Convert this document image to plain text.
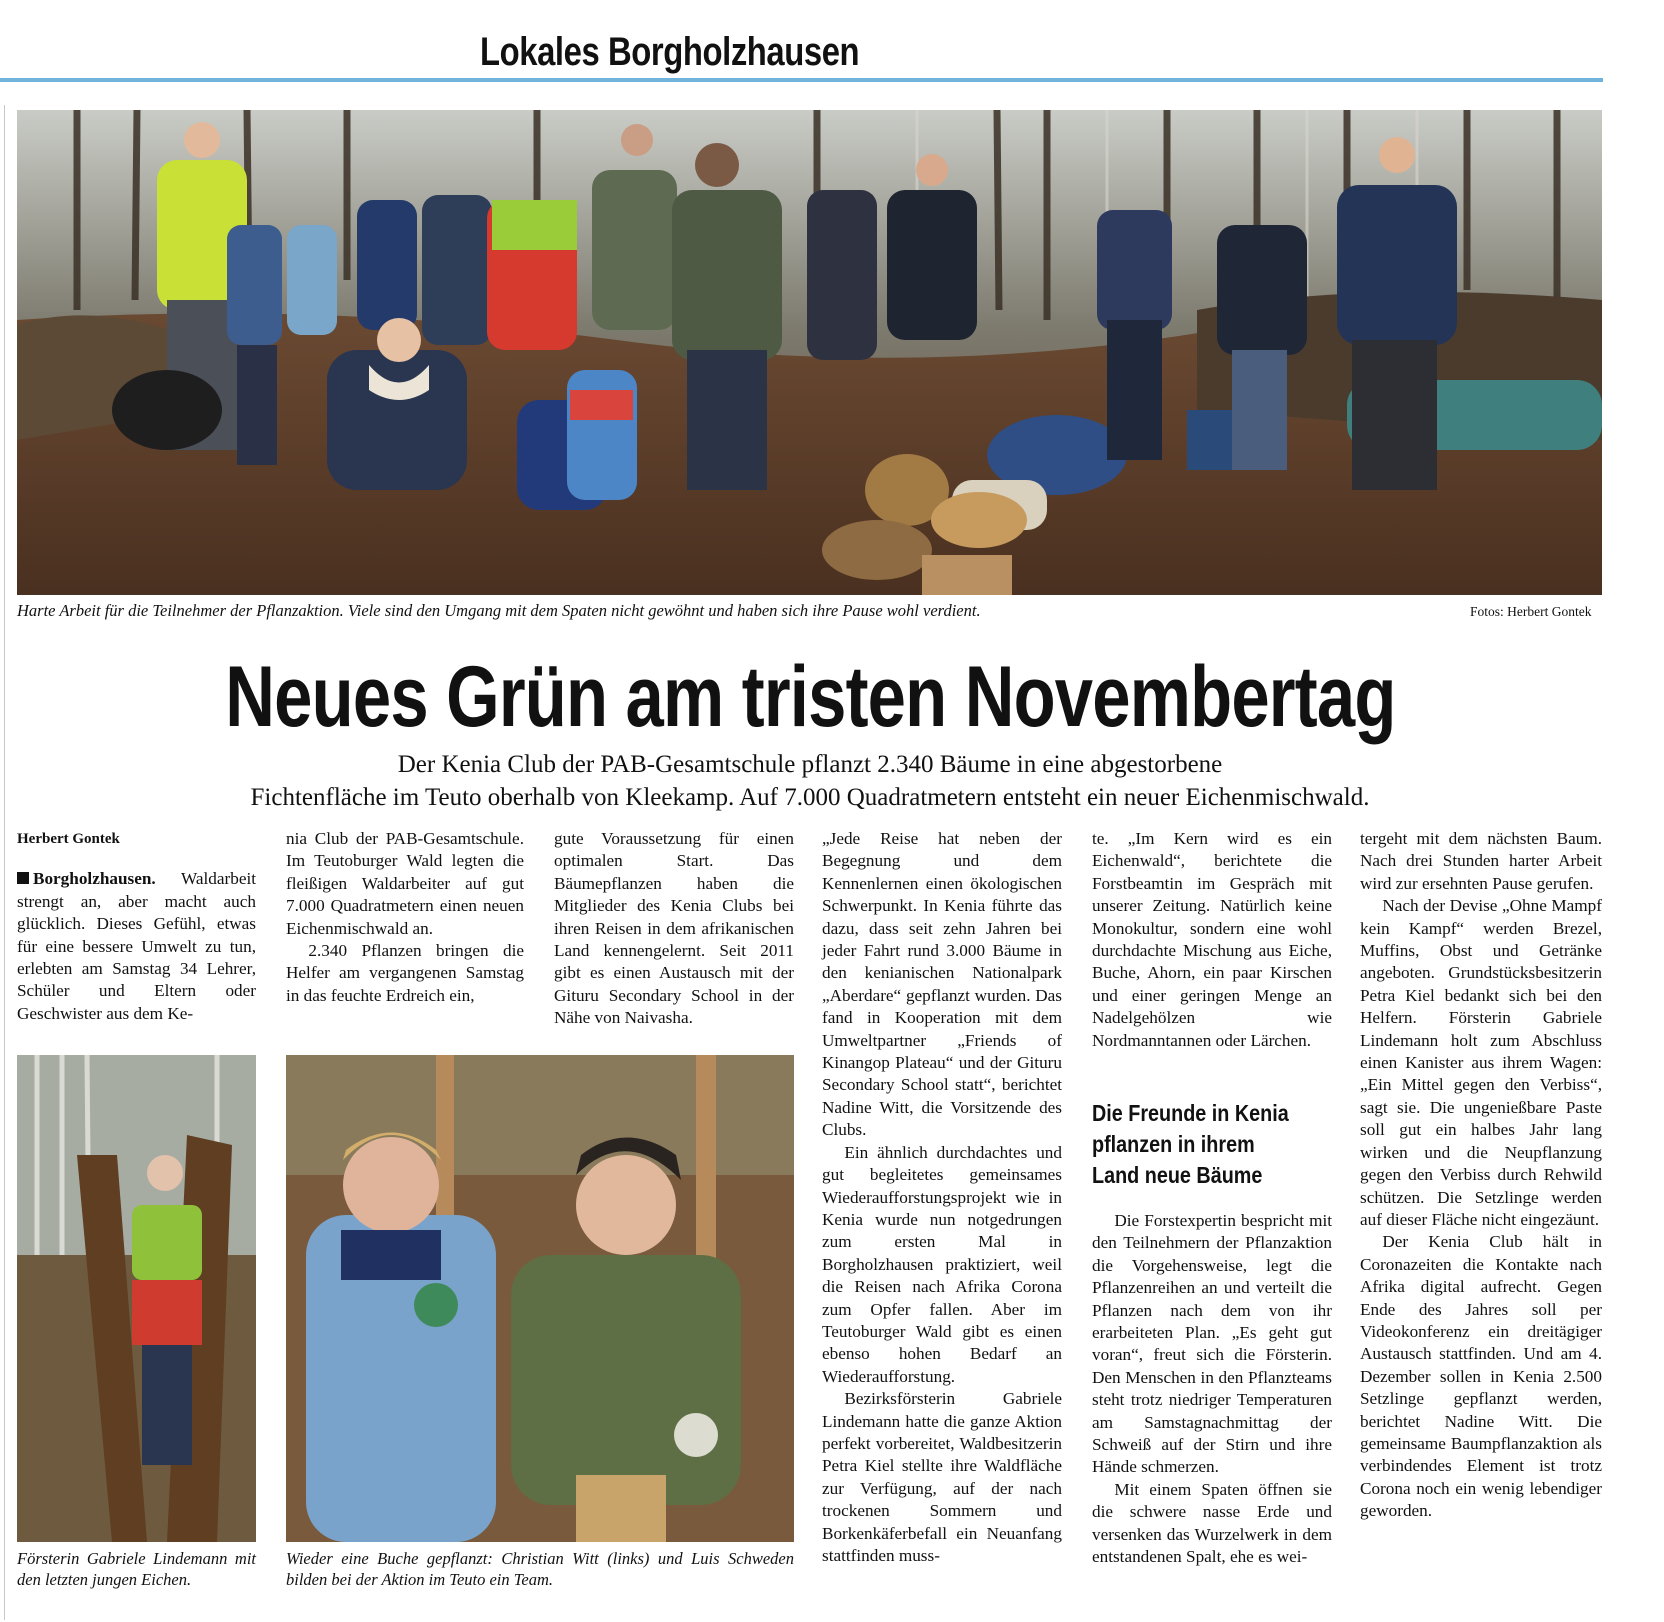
Lokales Borgholzhausen
Harte Arbeit für die Teilnehmer der Pflanzaktion. Viele sind den Umgang mit dem Spaten nicht gewöhnt und haben sich ihre Pause wohl verdient.	Fotos: Herbert Gontek
Neues Grün am tristen Novembertag
Der Kenia Club der PAB-Gesamtschule pflanzt 2.340 Bäume in eine abgestorbene
Fichtenfläche im Teuto oberhalb von Kleekamp. Auf 7.000 Quadratmetern entsteht ein neuer Eichenmischwald.
Herbert Gontek

Borgholzhausen. Waldarbeit strengt an, aber macht auch glücklich. Dieses Gefühl, etwas für eine bessere Umwelt zu tun, erlebten am Samstag 34 Lehrer, Schüler und Eltern oder Geschwister aus dem Ke-

nia Club der PAB-Gesamtschule. Im Teutoburger Wald legten die fleißigen Waldarbeiter auf gut 7.000 Quadratmetern einen neuen Eichenmischwald an.

2.340 Pflanzen bringen die Helfer am vergangenen Samstag in das feuchte Erdreich ein,

gute Voraussetzung für einen optimalen Start. Das Bäumepflanzen haben die Mitglieder des Kenia Clubs bei ihren Reisen in dem afrikanischen Land kennengelernt. Seit 2011 gibt es einen Austausch mit der Gituru Secondary School in der Nähe von Naivasha.

Försterin Gabriele Lindemann mit den letzten jungen Eichen.
Wieder eine Buche gepflanzt: Christian Witt (links) und Luis Schweden bilden bei der Aktion im Teuto ein Team.

„Jede Reise hat neben der Begegnung und dem Kennenlernen einen ökologischen Schwerpunkt. In Kenia führte das dazu, dass seit zehn Jahren bei jeder Fahrt rund 3.000 Bäume in den kenianischen Nationalpark „Aberdare“ gepflanzt wurden. Das fand in Kooperation mit dem Umweltpartner „Friends of Kinangop Plateau“ und der Gituru Secondary School statt“, berichtet Nadine Witt, die Vorsitzende des Clubs.

Ein ähnlich durchdachtes und gut begleitetes gemeinsames Wiederaufforstungsprojekt wie in Kenia wurde nun notgedrungen zum ersten Mal in Borgholzhausen praktiziert, weil die Reisen nach Afrika Corona zum Opfer fallen. Aber im Teutoburger Wald gibt es einen ebenso hohen Bedarf an Wiederaufforstung.

Bezirksförsterin Gabriele Lindemann hatte die ganze Aktion perfekt vorbereitet, Waldbesitzerin Petra Kiel stellte ihre Waldfläche zur Verfügung, auf der nach trockenen Sommern und Borkenkäferbefall ein Neuanfang stattfinden muss-

te. „Im Kern wird es ein Eichenwald“, berichtete die Forstbeamtin im Gespräch mit unserer Zeitung. Natürlich keine Monokultur, sondern eine wohl durchdachte Mischung aus Eiche, Buche, Ahorn, ein paar Kirschen und einer geringen Menge an Nadelgehölzen wie Nordmanntannen oder Lärchen.

Die Freunde in Kenia pflanzen in ihrem Land neue Bäume

Die Forstexpertin bespricht mit den Teilnehmern der Pflanzaktion die Vorgehensweise, legt die Pflanzenreihen an und verteilt die Pflanzen nach dem von ihr erarbeiteten Plan. „Es geht gut voran“, freut sich die Försterin. Den Menschen in den Pflanzteams steht trotz niedriger Temperaturen am Samstagnachmittag der Schweiß auf der Stirn und ihre Hände schmerzen.

Mit einem Spaten öffnen sie die schwere nasse Erde und versenken das Wurzelwerk in dem entstandenen Spalt, ehe es wei-

tergeht mit dem nächsten Baum. Nach drei Stunden harter Arbeit wird zur ersehnten Pause gerufen.

Nach der Devise „Ohne Mampf kein Kampf“ werden Brezel, Muffins, Obst und Getränke angeboten. Grundstücksbesitzerin Petra Kiel bedankt sich bei den Helfern. Försterin Gabriele Lindemann holt zum Abschluss einen Kanister aus ihrem Wagen: „Ein Mittel gegen den Verbiss“, sagt sie. Die ungenießbare Paste soll gut ein halbes Jahr lang wirken und die Neupflanzung gegen den Verbiss durch Rehwild schützen. Die Setzlinge werden auf dieser Fläche nicht eingezäunt.

Der Kenia Club hält in Coronazeiten die Kontakte nach Afrika digital aufrecht. Gegen Ende des Jahres soll per Videokonferenz ein dreitägiger Austausch stattfinden. Und am 4. Dezember sollen in Kenia 2.500 Setzlinge gepflanzt werden, berichtet Nadine Witt. Die gemeinsame Baumpflanzaktion als verbindendes Element ist trotz Corona noch ein wenig lebendiger geworden.
